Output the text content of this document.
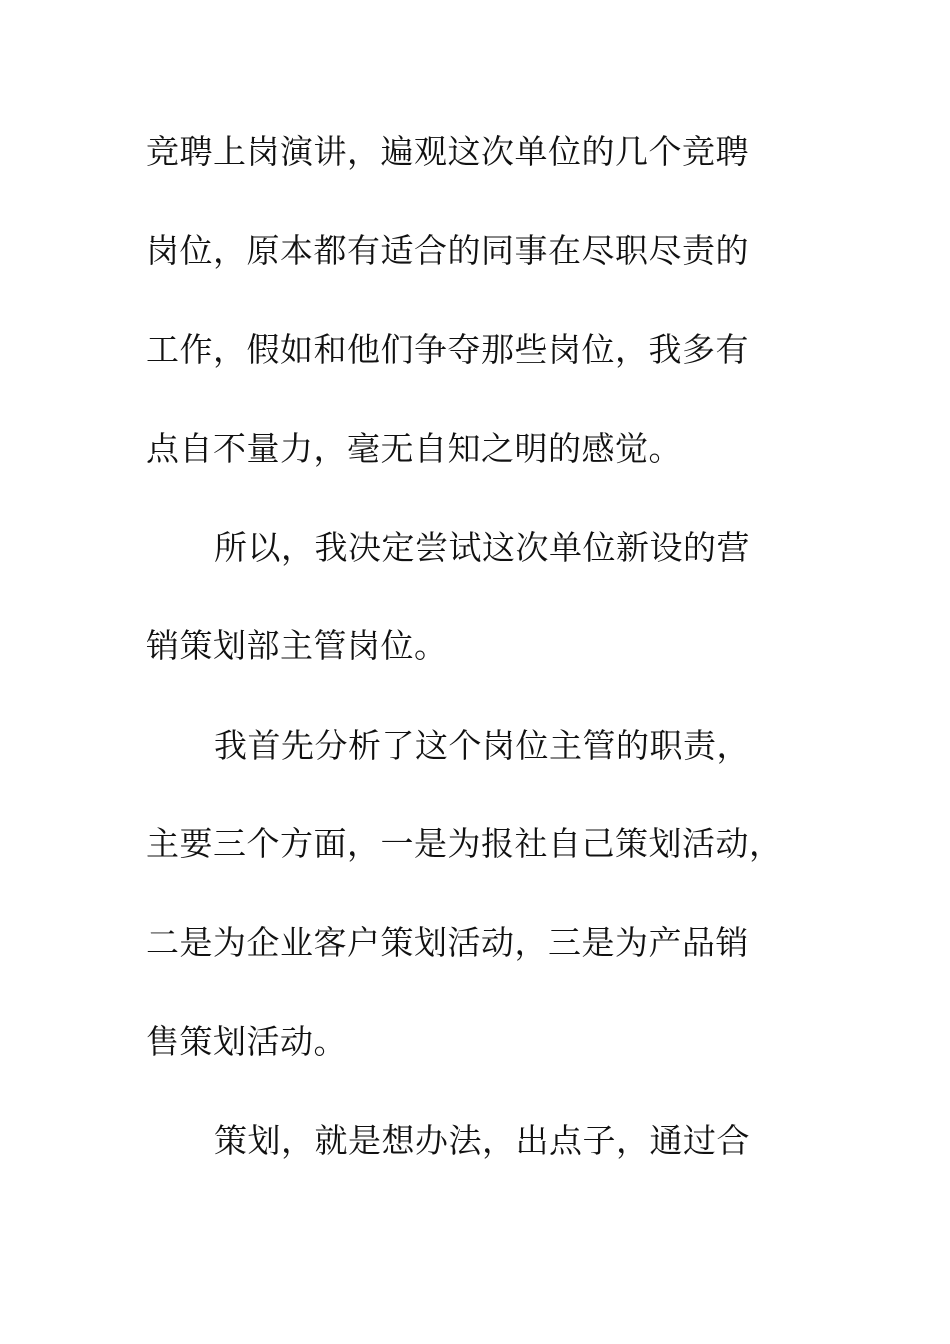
竞聘上岗演讲，遍观这次单位的几个竞聘
岗位，原本都有适合的同事在尽职尽责的
工作，假如和他们争夺那些岗位，我多有
点自不量力，毫无自知之明的感觉。
所以，我决定尝试这次单位新设的营
销策划部主管岗位。
我首先分析了这个岗位主管的职责，
主要三个方面，一是为报社自己策划活动，
二是为企业客户策划活动，三是为产品销
售策划活动。
策划，就是想办法，出点子，通过合
